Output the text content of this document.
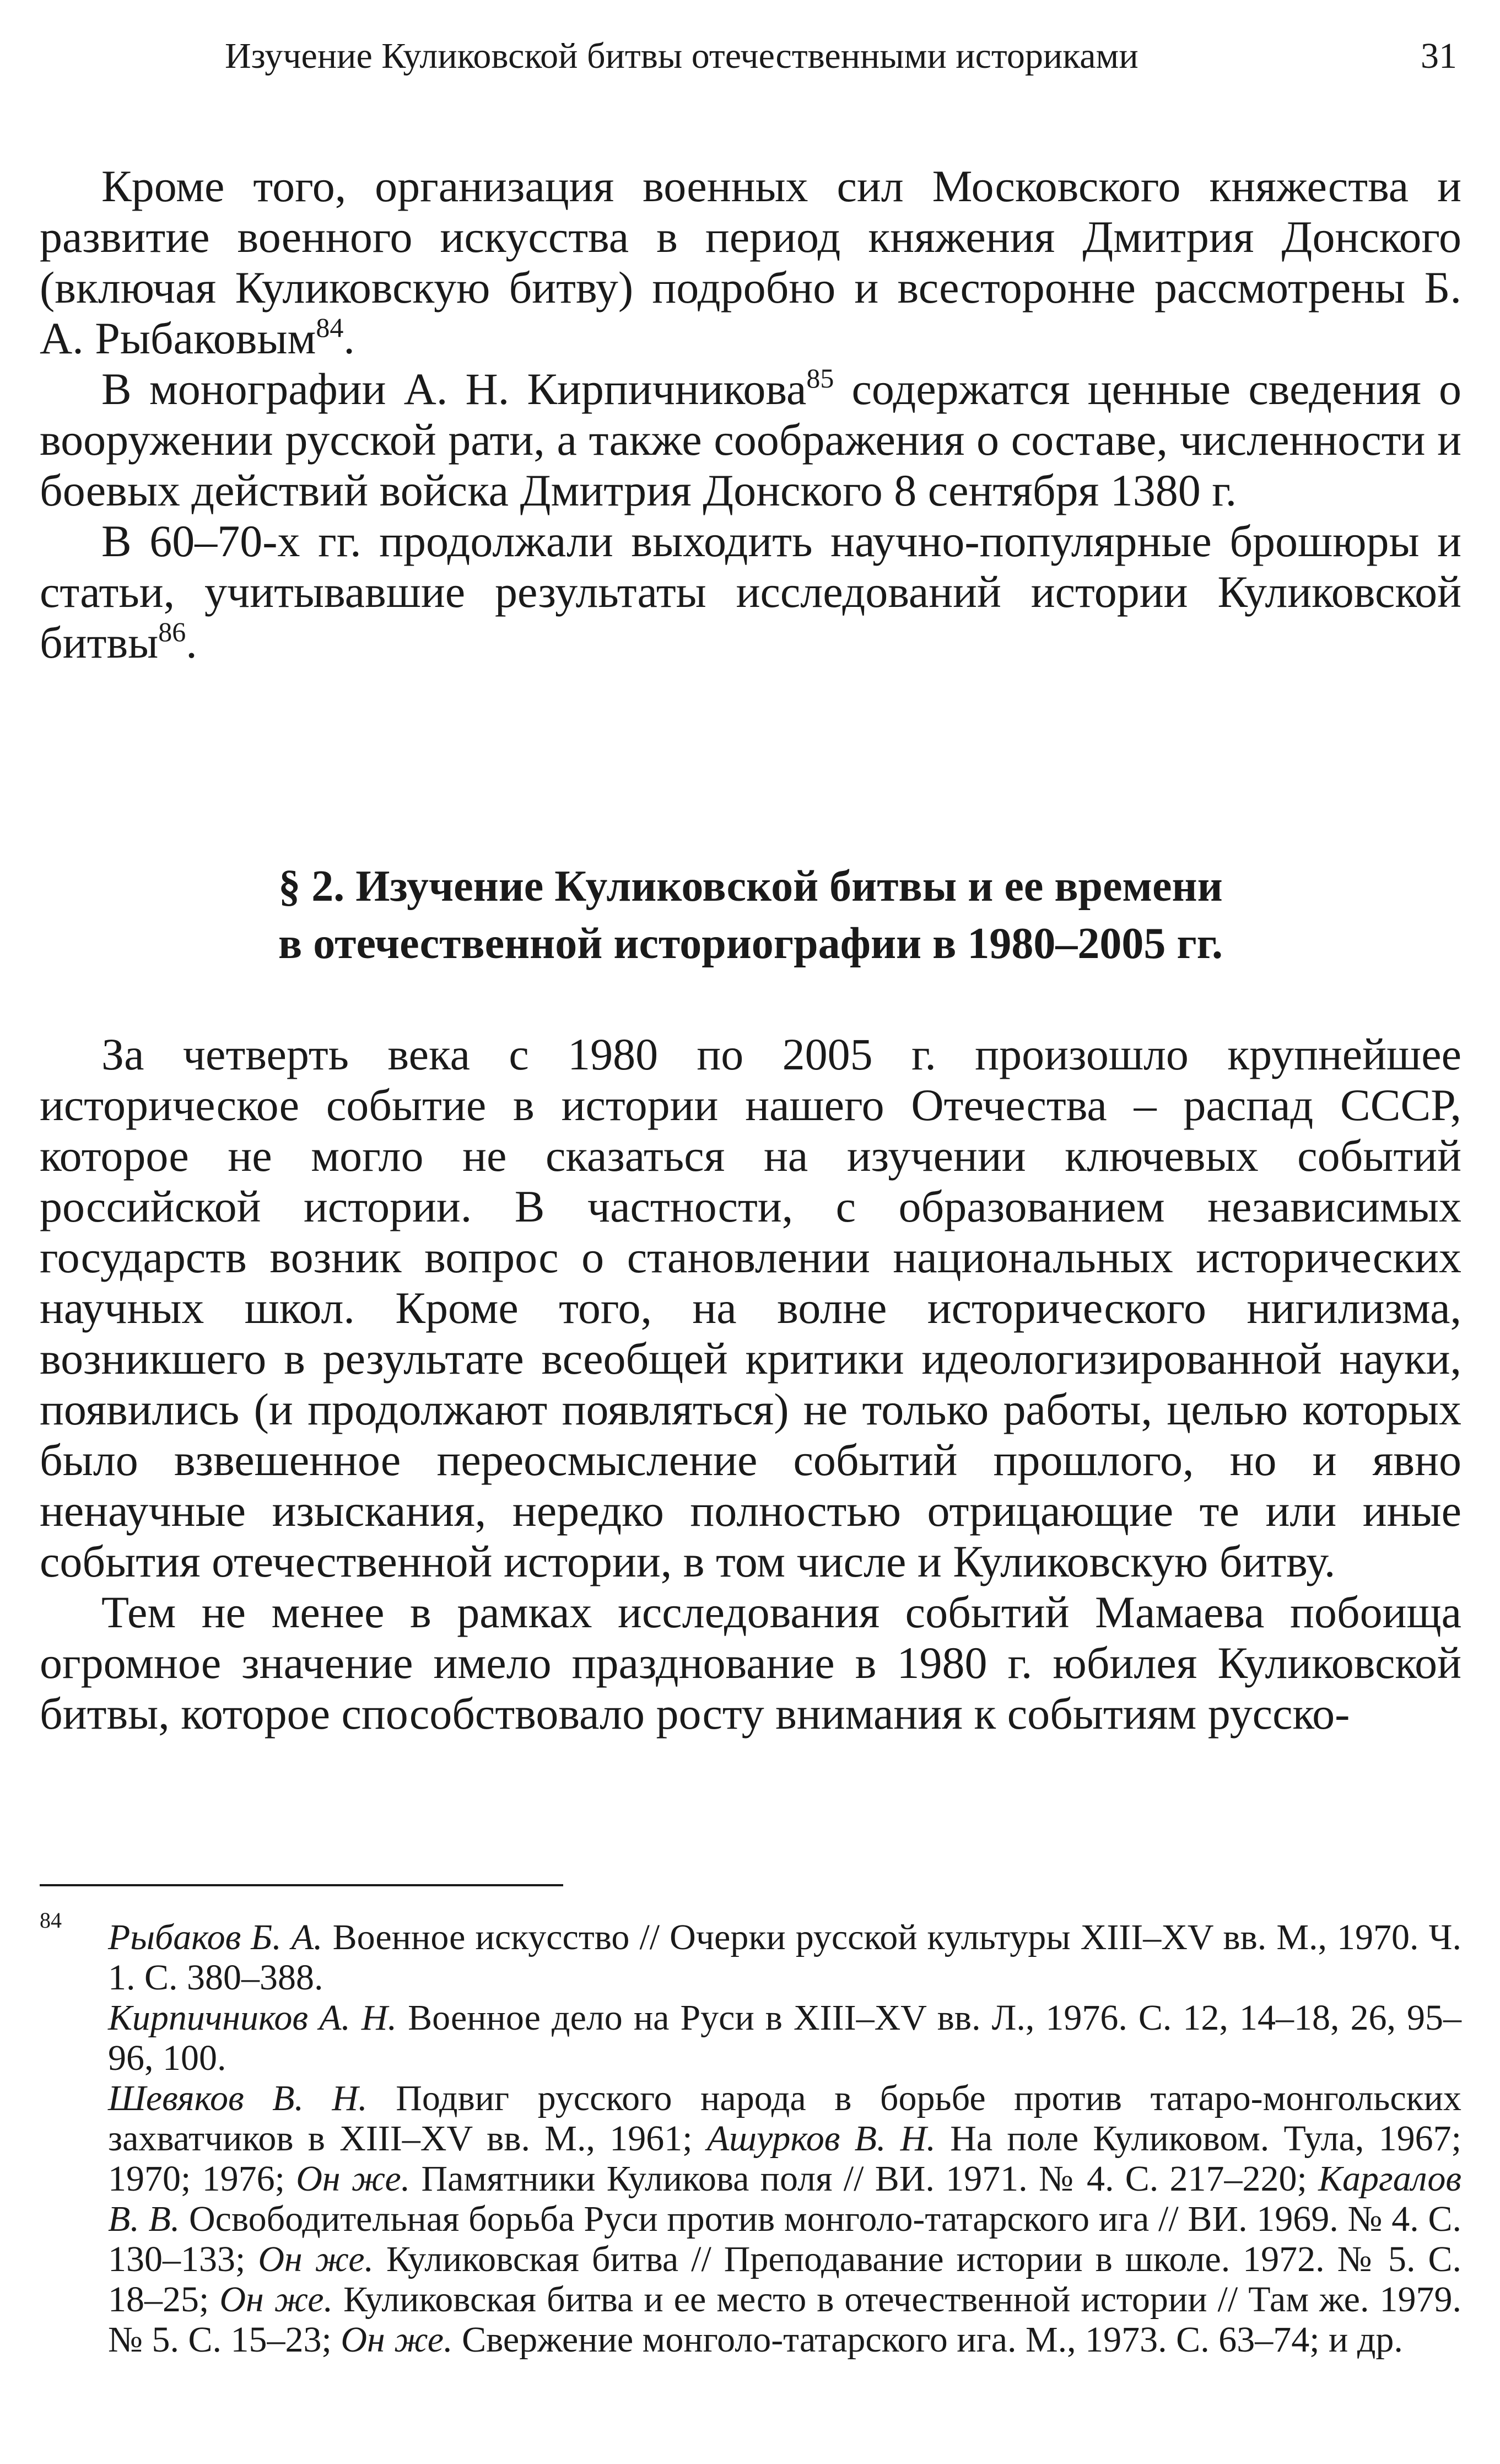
Изучение Куликовской битвы отечественными историками	31

Кроме того, организация военных сил Московского княжества и развитие военного искусства в период княжения Дмитрия Донского (включая Куликовскую битву) подробно и всесторонне рассмотрены Б. А. Рыбаковым$^{84}$.

В монографии А. Н. Кирпичникова$^{85}$ содержатся ценные сведения о вооружении русской рати, а также соображения о составе, численности и боевых действий войска Дмитрия Донского 8 сентября 1380 г.

В 60–70-х гг. продолжали выходить научно-популярные брошюры и статьи, учитывавшие результаты исследований истории Куликовской битвы$^{86}$.

§ 2. Изучение Куликовской битвы и ее времени
в отечественной историографии в 1980–2005 гг.

За четверть века с 1980 по 2005 г. произошло крупнейшее историческое событие в истории нашего Отечества – распад СССР, которое не могло не сказаться на изучении ключевых событий российской истории. В частности, с образованием независимых государств возник вопрос о становлении национальных исторических научных школ. Кроме того, на волне исторического нигилизма, возникшего в результате всеобщей критики идеологизированной науки, появились (и продолжают появляться) не только работы, целью которых было взвешенное переосмысление событий прошлого, но и явно ненаучные изыскания, нередко полностью отрицающие те или иные события отечественной истории, в том числе и Куликовскую битву.

Тем не менее в рамках исследования событий Мамаева побоища огромное значение имело празднование в 1980 г. юбилея Куликовской битвы, которое способствовало росту внимания к событиям русско-

84 Рыбаков Б. А. Военное искусство // Очерки русской культуры XIII–XV вв. М., 1970. Ч. 1. С. 380–388.
Кирпичников А. Н. Военное дело на Руси в XIII–XV вв. Л., 1976. С. 12, 14–18, 26, 95–96, 100.
Шевяков В. Н. Подвиг русского народа в борьбе против татаро-монгольских захватчиков в XIII–XV вв. М., 1961; Ашурков В. Н. На поле Куликовом. Тула, 1967; 1970; 1976; Он же. Памятники Куликова поля // ВИ. 1971. № 4. С. 217–220; Каргалов В. В. Освободительная борьба Руси против монголо-татарского ига // ВИ. 1969. № 4. С. 130–133; Он же. Куликовская битва // Преподавание истории в школе. 1972. № 5. С. 18–25; Он же. Куликовская битва и ее место в отечественной истории // Там же. 1979. № 5. С. 15–23; Он же. Свержение монголо-татарского ига. М., 1973. С. 63–74; и др.
